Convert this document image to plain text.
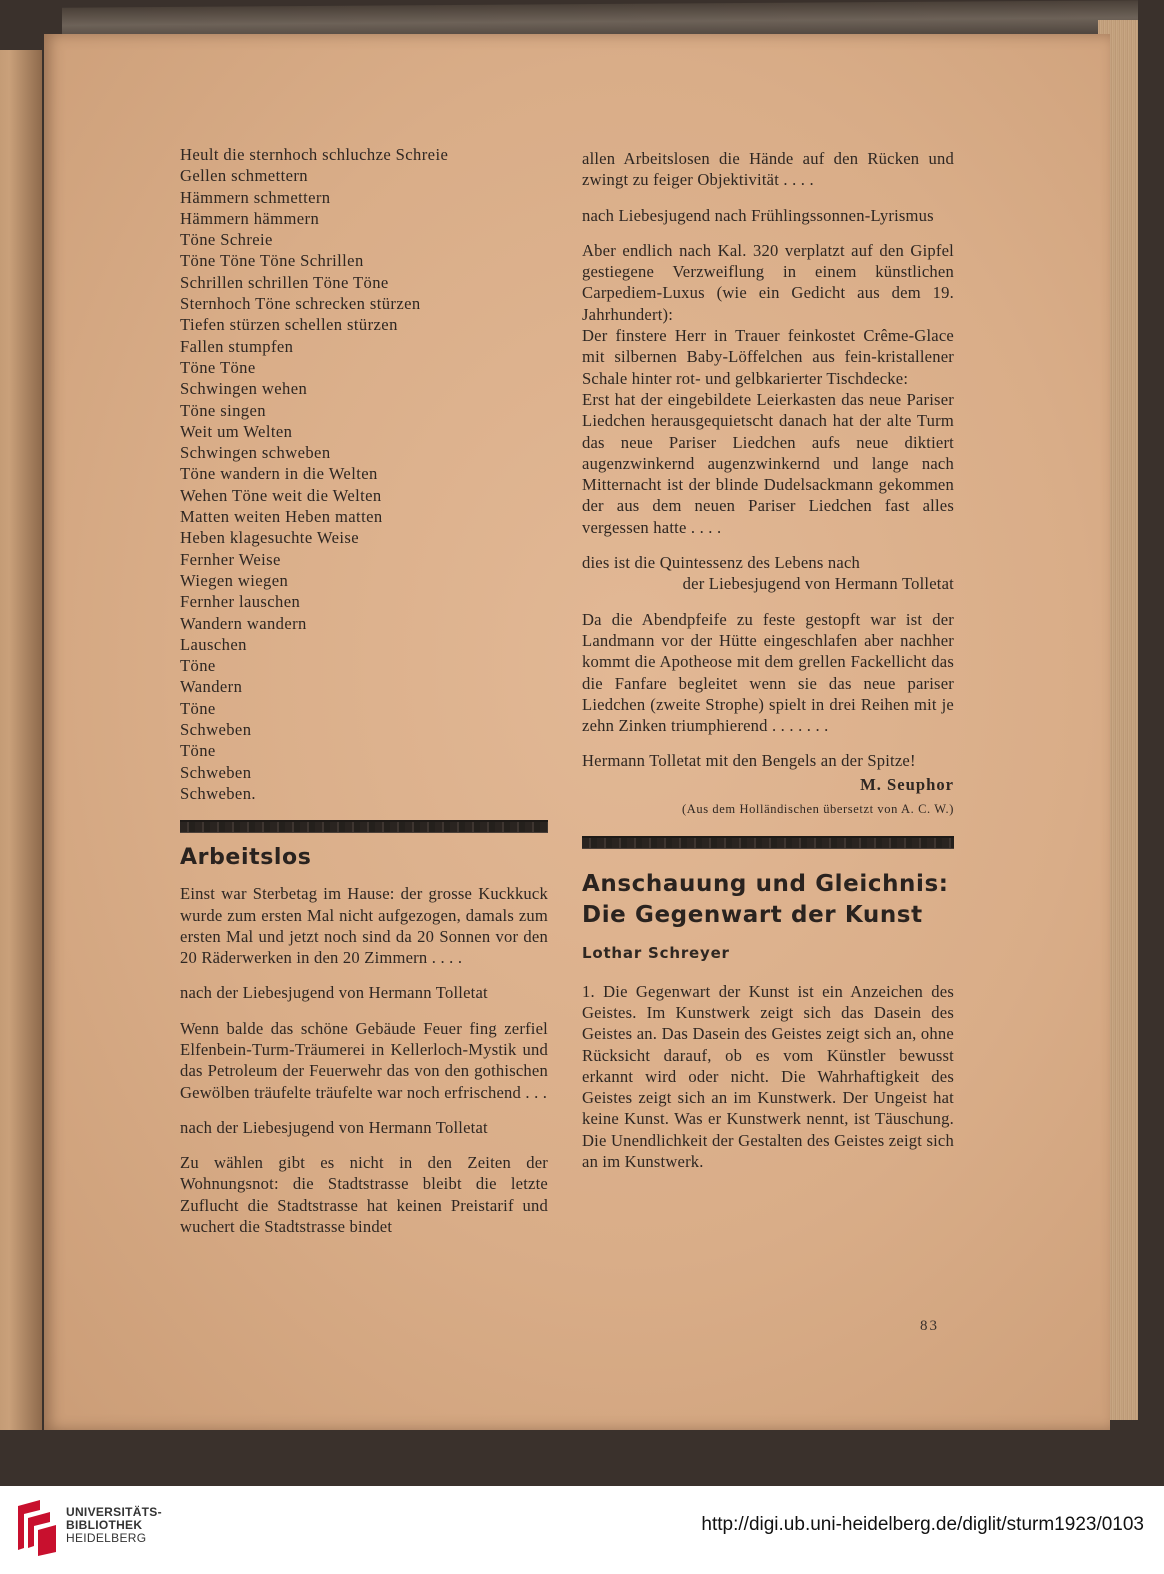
Heult die sternhoch schluchze Schreie
Gellen schmettern
Hämmern schmettern
Hämmern hämmern
Töne Schreie
Töne Töne Töne Schrillen
Schrillen schrillen Töne Töne
Sternhoch Töne schrecken stürzen
Tiefen stürzen schellen stürzen
Fallen stumpfen
Töne Töne
Schwingen wehen
Töne singen
Weit um Welten
Schwingen schweben
Töne wandern in die Welten
Wehen Töne weit die Welten
Matten weiten Heben matten
Heben klagesuchte Weise
Fernher Weise
Wiegen wiegen
Fernher lauschen
Wandern wandern
Lauschen
Töne
Wandern
Töne
Schweben
Töne
Schweben
Schweben.
Arbeitslos

Einst war Sterbetag im Hause: der grosse Kuckkuck wurde zum ersten Mal nicht aufgezogen, damals zum ersten Mal und jetzt noch sind da 20 Sonnen vor den 20 Räderwerken in den 20 Zimmern . . . .

nach der Liebesjugend von Hermann Tolletat

Wenn balde das schöne Gebäude Feuer fing zerfiel Elfenbein-Turm-Träumerei in Kellerloch-Mystik und das Petroleum der Feuerwehr das von den gothischen Gewölben träufelte träufelte war noch erfrischend . . .

nach der Liebesjugend von Hermann Tolletat

Zu wählen gibt es nicht in den Zeiten der Wohnungsnot: die Stadtstrasse bleibt die letzte Zuflucht die Stadtstrasse hat keinen Preistarif und wuchert die Stadtstrasse bindet

allen Arbeitslosen die Hände auf den Rücken und zwingt zu feiger Objektivität . . . .

nach Liebesjugend nach Frühlingssonnen-Lyrismus

Aber endlich nach Kal. 320 verplatzt auf den Gipfel gestiegene Verzweiflung in einem künstlichen Carpediem-Luxus (wie ein Gedicht aus dem 19. Jahrhundert):

Der finstere Herr in Trauer feinkostet Crême-Glace mit silbernen Baby-Löffelchen aus fein-kristallener Schale hinter rot- und gelbkarierter Tischdecke:

Erst hat der eingebildete Leierkasten das neue Pariser Liedchen herausgequietscht danach hat der alte Turm das neue Pariser Liedchen aufs neue diktiert augenzwinkernd augenzwinkernd und lange nach Mitternacht ist der blinde Dudelsackmann gekommen der aus dem neuen Pariser Liedchen fast alles vergessen hatte . . . .

dies ist die Quintessenz des Lebens nach

der Liebesjugend von Hermann Tolletat

Da die Abendpfeife zu feste gestopft war ist der Landmann vor der Hütte eingeschlafen aber nachher kommt die Apotheose mit dem grellen Fackellicht das die Fanfare begleitet wenn sie das neue pariser Liedchen (zweite Strophe) spielt in drei Reihen mit je zehn Zinken triumphierend . . . . . . .

Hermann Tolletat mit den Bengels an der Spitze!

M. Seuphor
(Aus dem Holländischen übersetzt von A. C. W.)
Anschauung und Gleichnis:
Die Gegenwart der Kunst
Lothar Schreyer

1. Die Gegenwart der Kunst ist ein Anzeichen des Geistes. Im Kunstwerk zeigt sich das Dasein des Geistes an. Das Dasein des Geistes zeigt sich an, ohne Rücksicht darauf, ob es vom Künstler bewusst erkannt wird oder nicht. Die Wahrhaftigkeit des Geistes zeigt sich an im Kunstwerk. Der Ungeist hat keine Kunst. Was er Kunstwerk nennt, ist Täuschung. Die Unendlichkeit der Gestalten des Geistes zeigt sich an im Kunstwerk.

83
UNIVERSITÄTS-
BIBLIOTHEK
HEIDELBERG
http://digi.ub.uni-heidelberg.de/diglit/sturm1923/0103
